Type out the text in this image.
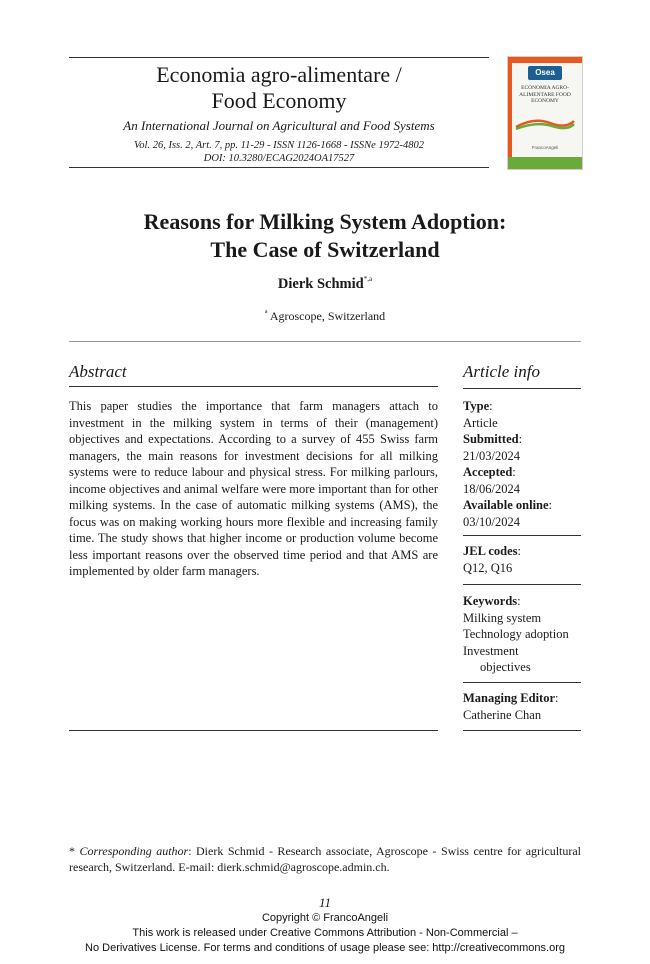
Economia agro-alimentare /
Food Economy
An International Journal on Agricultural and Food Systems
Vol. 26, Iss. 2, Art. 7, pp. 11-29 - ISSN 1126-1668 - ISSNe 1972-4802
DOI: 10.3280/ECAG2024OA17527
Osea
ECONOMIA AGRO-ALIMENTARE FOOD ECONOMY
FrancoAngeli
Reasons for Milking System Adoption:
The Case of Switzerland
Dierk Schmid$^{*,a}$
$^a$ Agroscope, Switzerland
Abstract

This paper studies the importance that farm managers attach to investment in the milking system in terms of their (management) objectives and expectations. According to a survey of 455 Swiss farm managers, the main reasons for investment decisions for all milking systems were to reduce labour and physical stress. For milking parlours, income objectives and animal welfare were more important than for other milking systems. In the case of automatic milking systems (AMS), the focus was on making working hours more flexible and increasing family time. The study shows that higher income or production volume become less important reasons over the observed time period and that AMS are implemented by older farm managers.

Article info
Type:
Article
Submitted:
21/03/2024
Accepted:
18/06/2024
Available online:
03/10/2024
JEL codes:
Q12, Q16
Keywords:
Milking system
Technology adoption
Investment
objectives
Managing Editor:
Catherine Chan
* Corresponding author: Dierk Schmid - Research associate, Agroscope - Swiss centre for agricultural research, Switzerland. E-mail: dierk.schmid@agroscope.admin.ch.
11
Copyright © FrancoAngeli
This work is released under Creative Commons Attribution - Non-Commercial –
No Derivatives License. For terms and conditions of usage please see: http://creativecommons.org
